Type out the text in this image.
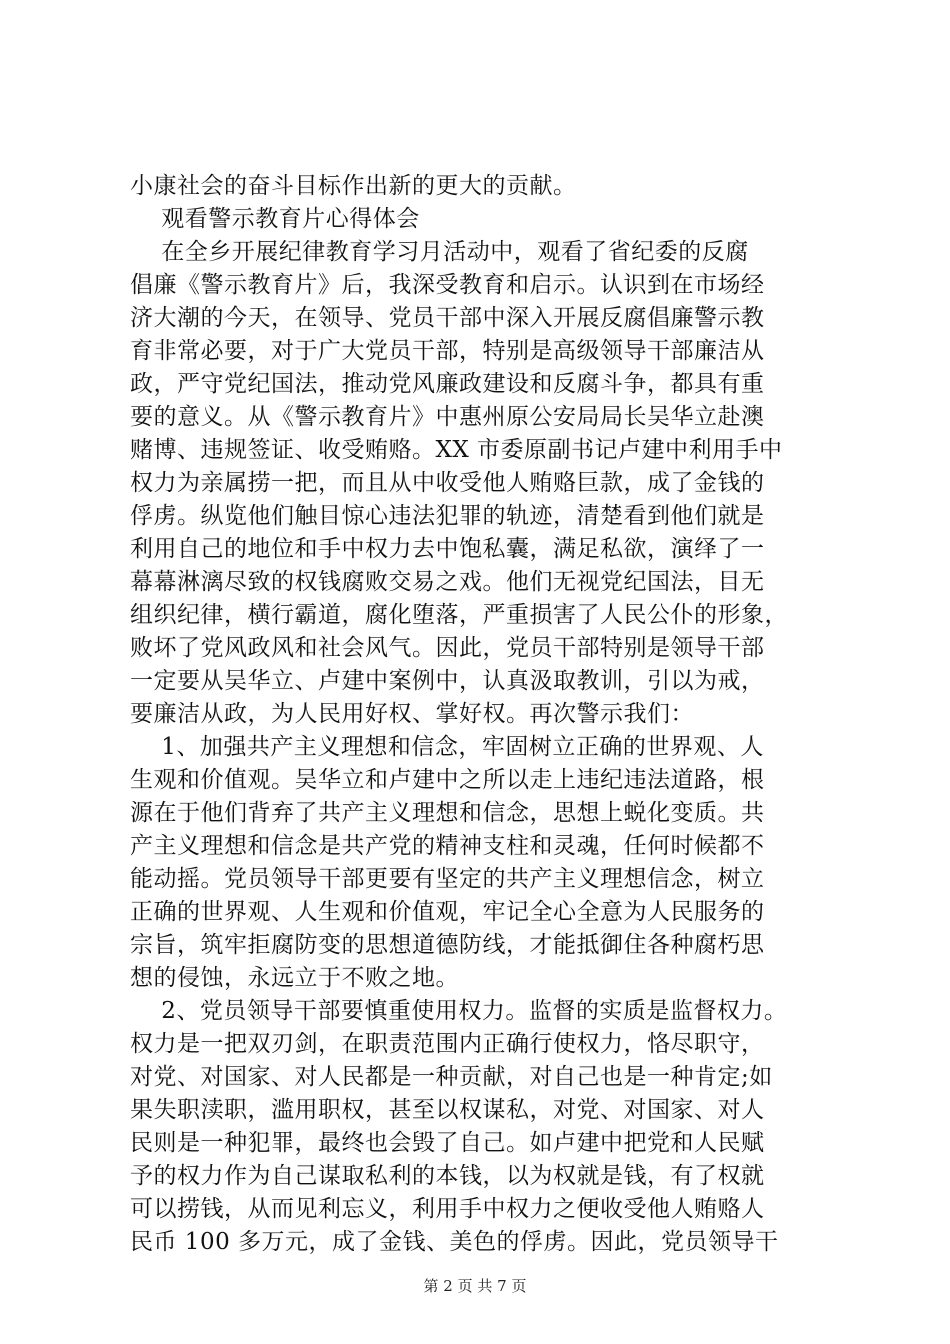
小康社会的奋斗目标作出新的更大的贡献。
观看警示教育片心得体会
在全乡开展纪律教育学习月活动中，观看了省纪委的反腐
倡廉《警示教育片》后，我深受教育和启示。认识到在市场经
济大潮的今天，在领导、党员干部中深入开展反腐倡廉警示教
育非常必要，对于广大党员干部，特别是高级领导干部廉洁从
政，严守党纪国法，推动党风廉政建设和反腐斗争，都具有重
要的意义。从《警示教育片》中惠州原公安局局长吴华立赴澳
赌博、违规签证、收受贿赂。XX 市委原副书记卢建中利用手中
权力为亲属捞一把，而且从中收受他人贿赂巨款，成了金钱的
俘虏。纵览他们触目惊心违法犯罪的轨迹，清楚看到他们就是
利用自己的地位和手中权力去中饱私囊，满足私欲，演绎了一
幕幕淋漓尽致的权钱腐败交易之戏。他们无视党纪国法，目无
组织纪律，横行霸道，腐化堕落，严重损害了人民公仆的形象，
败坏了党风政风和社会风气。因此，党员干部特别是领导干部
一定要从吴华立、卢建中案例中，认真汲取教训，引以为戒，
要廉洁从政，为人民用好权、掌好权。再次警示我们：
1、加强共产主义理想和信念，牢固树立正确的世界观、人
生观和价值观。吴华立和卢建中之所以走上违纪违法道路，根
源在于他们背弃了共产主义理想和信念，思想上蜕化变质。共
产主义理想和信念是共产党的精神支柱和灵魂，任何时候都不
能动摇。党员领导干部更要有坚定的共产主义理想信念，树立
正确的世界观、人生观和价值观，牢记全心全意为人民服务的
宗旨，筑牢拒腐防变的思想道德防线，才能抵御住各种腐朽思
想的侵蚀，永远立于不败之地。
2、党员领导干部要慎重使用权力。监督的实质是监督权力。
权力是一把双刃剑，在职责范围内正确行使权力，恪尽职守，
对党、对国家、对人民都是一种贡献，对自己也是一种肯定;如
果失职渎职，滥用职权，甚至以权谋私，对党、对国家、对人
民则是一种犯罪，最终也会毁了自己。如卢建中把党和人民赋
予的权力作为自己谋取私利的本钱，以为权就是钱，有了权就
可以捞钱，从而见利忘义，利用手中权力之便收受他人贿赂人
民币 100 多万元，成了金钱、美色的俘虏。因此，党员领导干
第 2 页 共 7 页
